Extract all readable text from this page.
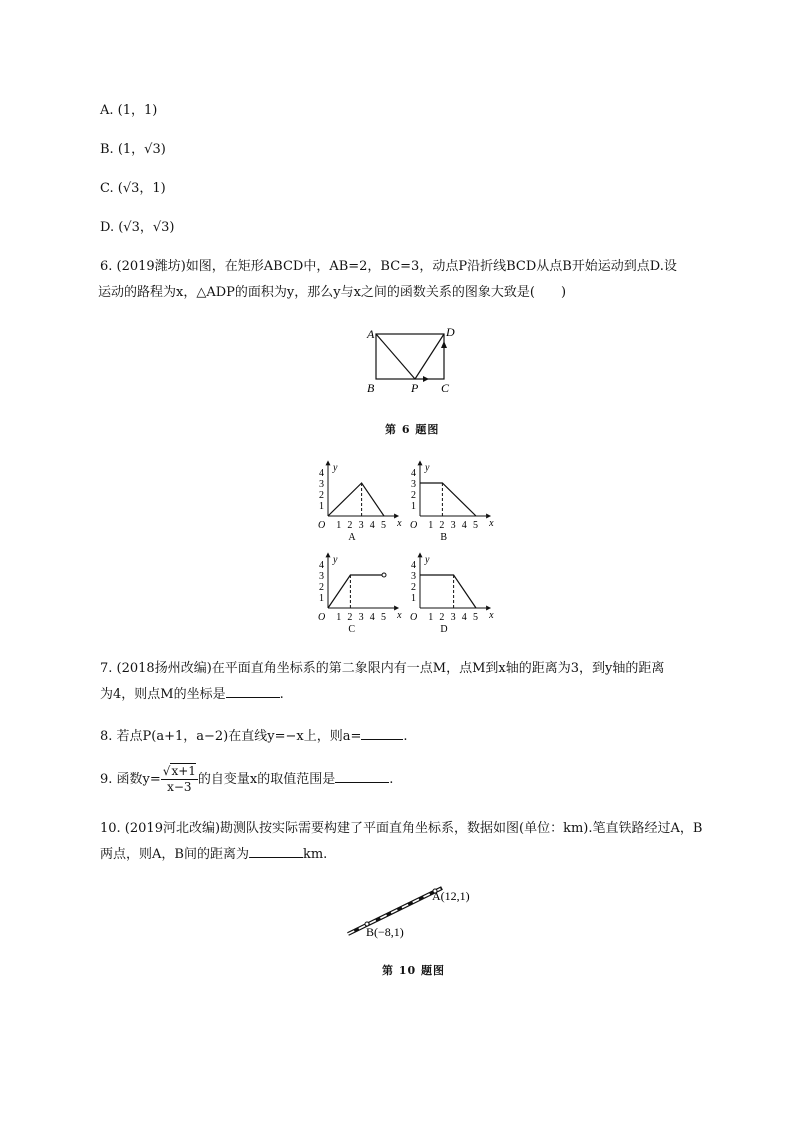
A. (1，1)
B. (1，√3)
C. (√3，1)
D. (√3，√3)
6. (2019潍坊)如图，在矩形ABCD中，AB=2，BC=3，动点P沿折线BCD从点B开始运动到点D.设
运动的路程为x，△ADP的面积为y，那么y与x之间的函数关系的图象大致是(　　)
A	D
B	P C
第 6 题图
1 2 3 4 5
1
2
3
4
O	x
y
A
1 2 3 4 5
1
2
3
4
O	x
y
B
1 2 3 4 5
1
2
3
4
O	x
y
C
1 2 3 4 5
1
2
3
4
O	x
y
D
7. (2018扬州改编)在平面直角坐标系的第二象限内有一点M，点M到x轴的距离为3，到y轴的距离
为4，则点M的坐标是	.
8. 若点P(a+1，a−2)在直线y=−x上，则a=	.
9. 函数$y= \frac{√x+1}{x-3}$ 的自变量x的取值范围是	.
10. (2019河北改编)勘测队按实际需要构建了平面直角坐标系，数据如图(单位：km).笔直铁路经过A，B
两点，则A，B间的距离为	km.
A(12,1)
B(−8,1)
第 10 题图
